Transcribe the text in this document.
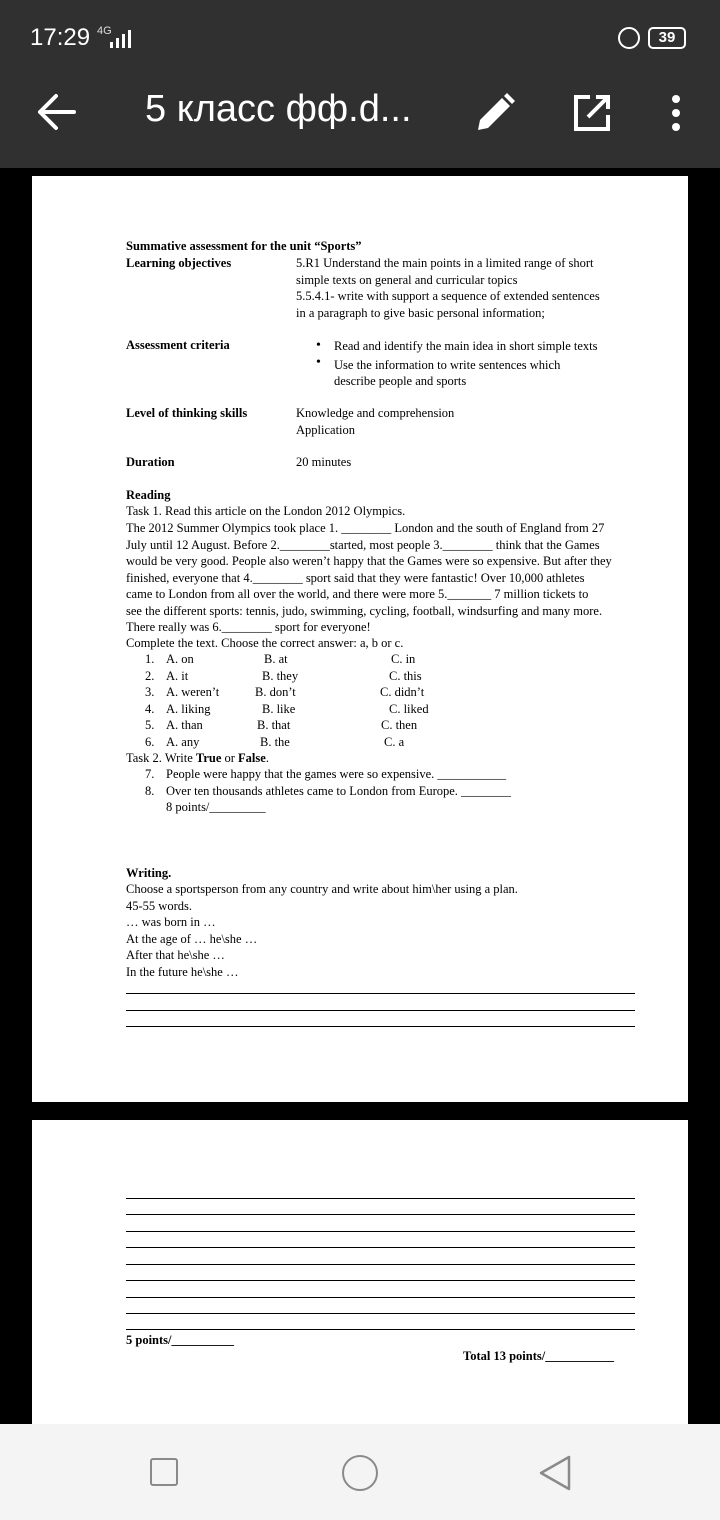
17:29 4G	39
5 класс фф.d...
Summative assessment for the unit “Sports”
Learning objectives	5.R1 Understand the main points in a limited range of short
simple texts on general and curricular topics
5.5.4.1- write with support a sequence of extended sentences
in a paragraph to give basic personal information;
Assessment criteria
•	Read and identify the main idea in short simple texts
• Use the information to write sentences which
describe people and sports
Level of thinking skills	Knowledge and comprehension
Application
Duration	20 minutes
Reading
Task 1. Read this article on the London 2012 Olympics.
The 2012 Summer Olympics took place 1. ________ London and the south of England from 27
July until 12 August. Before 2.________started, most people 3.________ think that the Games
would be very good. People also weren’t happy that the Games were so expensive. But after they
finished, everyone that 4.________ sport said that they were fantastic! Over 10,000 athletes
came to London from all over the world, and there were more 5._______ 7 million tickets to
see the different sports: tennis, judo, swimming, cycling, football, windsurfing and many more.
There really was 6.________ sport for everyone!
Complete the text. Choose the correct answer: a, b or c.
1. A. on	B. at	C. in
2. A. it	B. they	C. this
3. A. weren’t	B. don’t	C. didn’t
4. A. liking	B. like	C. liked
5. A. than	B. that	C. then
6. A. any	B. the	C. a
Task 2. Write True or False.
7. People were happy that the games were so expensive. ___________
8. Over ten thousands athletes came to London from Europe. ________
8 points/_________
Writing.
Choose a sportsperson from any country and write about him\her using a plan.
45-55 words.
… was born in …
At the age of … he\she …
After that he\she …
In the future he\she …
5 points/__________
Total 13 points/___________
